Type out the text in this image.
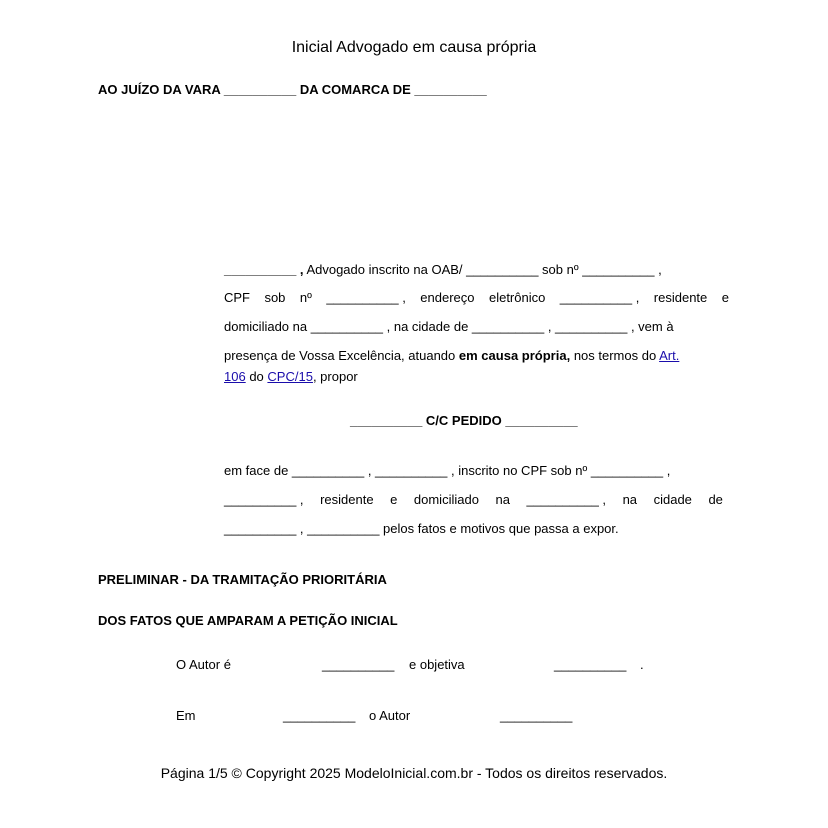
Inicial Advogado em causa própria
AO JUÍZO DA VARA __________ DA COMARCA DE __________
__________ , Advogado inscrito na OAB/ __________ sob nº __________ ,
CPF sob nº __________ , endereço eletrônico __________ , residente e
domiciliado na __________ , na cidade de __________ , __________ , vem à
presença de Vossa Excelência, atuando em causa própria, nos termos do Art.
106 do CPC/15, propor
__________ C/C PEDIDO __________
em face de __________ , __________ , inscrito no CPF sob nº __________ ,
__________ , residente e domiciliado na __________ , na cidade de
__________ , __________ pelos fatos e motivos que passa a expor.
PRELIMINAR - DA TRAMITAÇÃO PRIORITÁRIA
DOS FATOS QUE AMPARAM A PETIÇÃO INICIAL
O Autor é	__________ e objetiva	__________ .
Em	__________ o Autor	__________
Página 1/5 © Copyright 2025 ModeloInicial.com.br - Todos os direitos reservados.
